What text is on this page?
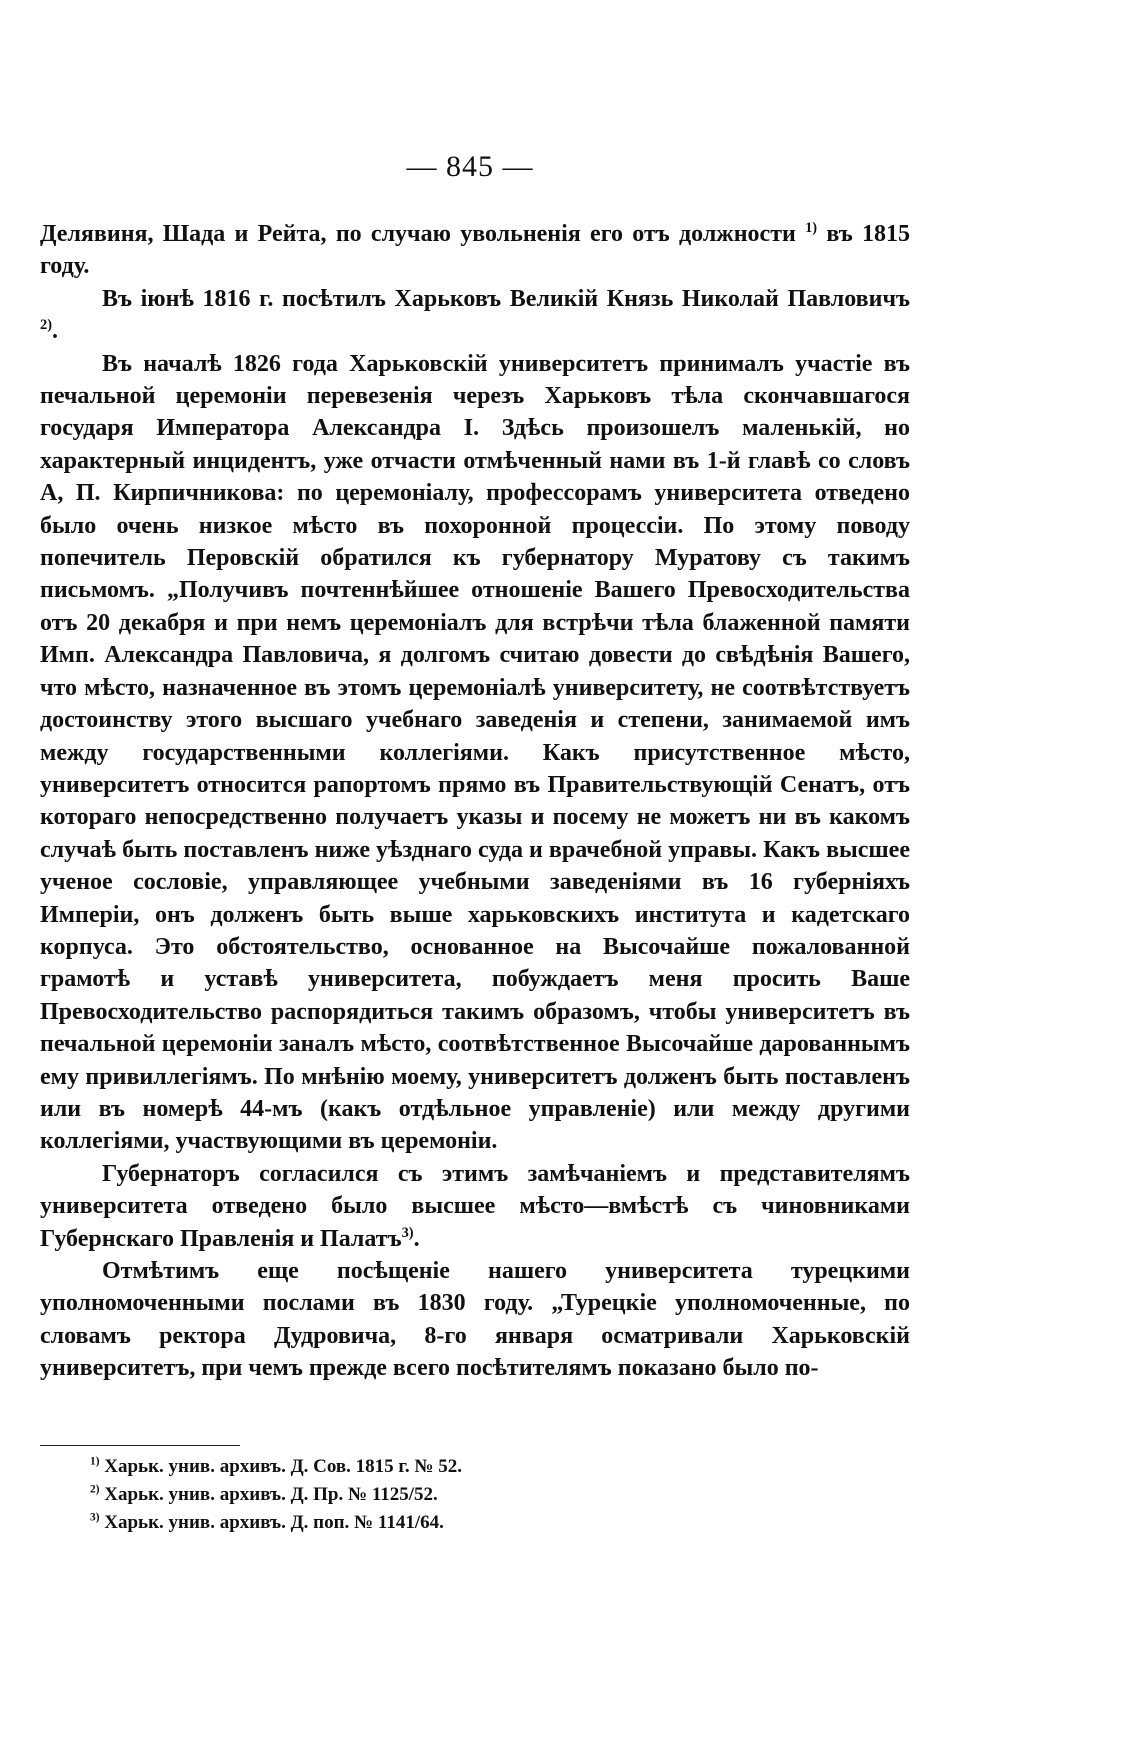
— 845 —

Делявиня, Шада и Рейта, по случаю увольненія его отъ должности $^{1)}$ въ 1815 году.

Въ іюнѣ 1816 г. посѣтилъ Харьковъ Великій Князь Николай Павловичъ $^{2)}$.

Въ началѣ 1826 года Харьковскій университетъ принималъ участіе въ печальной церемоніи перевезенія черезъ Харьковъ тѣла скончавшагося государя Императора Александра I. Здѣсь произошелъ маленькій, но характерный инцидентъ, уже отчасти отмѣченный нами въ 1-й главѣ со словъ А, П. Кирпичникова: по церемоніалу, профессорамъ университета отведено было очень низкое мѣсто въ похоронной процессіи. По этому поводу попечитель Перовскій обратился къ губернатору Муратову съ такимъ письмомъ. „Получивъ почтеннѣйшее отношеніе Вашего Превосходительства отъ 20 декабря и при немъ церемоніалъ для встрѣчи тѣла блаженной памяти Имп. Александра Павловича, я долгомъ считаю довести до свѣдѣнія Вашего, что мѣсто, назначенное въ этомъ церемоніалѣ университету, не соотвѣтствуетъ достоинству этого высшаго учебнаго заведенія и степени, занимаемой имъ между государственными коллегіями. Какъ присутственное мѣсто, университетъ относится рапортомъ прямо въ Правительствующій Сенатъ, отъ котораго непосредственно получаетъ указы и посему не можетъ ни въ какомъ случаѣ быть поставленъ ниже уѣзднаго суда и врачебной управы. Какъ высшее ученое сословіе, управляющее учебными заведеніями въ 16 губерніяхъ Имперіи, онъ долженъ быть выше харьковскихъ института и кадетскаго корпуса. Это обстоятельство, основанное на Высочайше пожалованной грамотѣ и уставѣ университета, побуждаетъ меня просить Ваше Превосходительство распорядиться такимъ образомъ, чтобы университетъ въ печальной церемоніи заналъ мѣсто, соотвѣтственное Высочайше дарованнымъ ему привиллегіямъ. По мнѣнію моему, университетъ долженъ быть поставленъ или въ номерѣ 44-мъ (какъ отдѣльное управленіе) или между другими коллегіями, участвующими въ церемоніи.

Губернаторъ согласился съ этимъ замѣчаніемъ и представителямъ университета отведено было высшее мѣсто—вмѣстѣ съ чиновниками Губернскаго Правленія и Палатъ$^{3)}$.

Отмѣтимъ еще посѣщеніе нашего университета турецкими уполномоченными послами въ 1830 году. „Турецкіе уполномоченные, по словамъ ректора Дудровича, 8-го января осматривали Харьковскій университетъ, при чемъ прежде всего посѣтителямъ показано было по-

$^{1)}$ Харьк. унив. архивъ. Д. Сов. 1815 г. № 52.

$^{2)}$ Харьк. унив. архивъ. Д. Пр. № 1125/52.

$^{3)}$ Харьк. унив. архивъ. Д. поп. № 1141/64.
